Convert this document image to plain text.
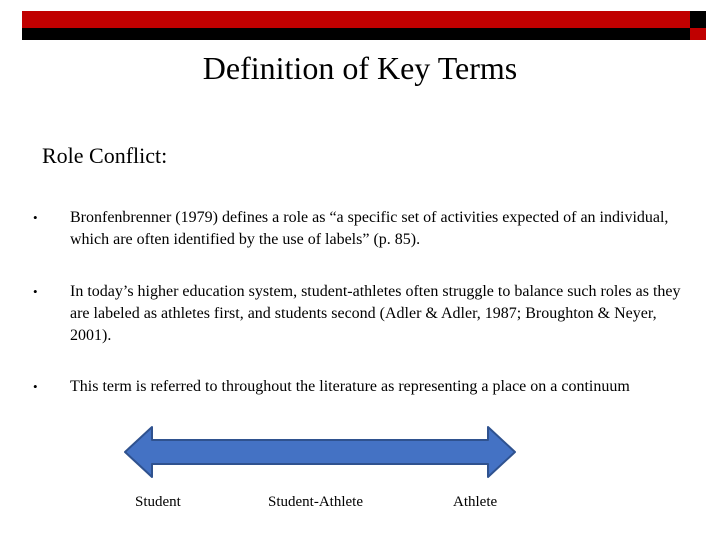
Definition of Key Terms
Role Conflict:
• Bronfenbrenner (1979) defines a role as “a specific set of activities expected of an individual, which are often identified by the use of labels” (p. 85).
• In today’s higher education system, student-athletes often struggle to balance such roles as they are labeled as athletes first, and students second (Adler & Adler, 1987; Broughton & Neyer, 2001).
• This term is referred to throughout the literature as representing a place on a continuum
Student	Student-Athlete	Athlete
